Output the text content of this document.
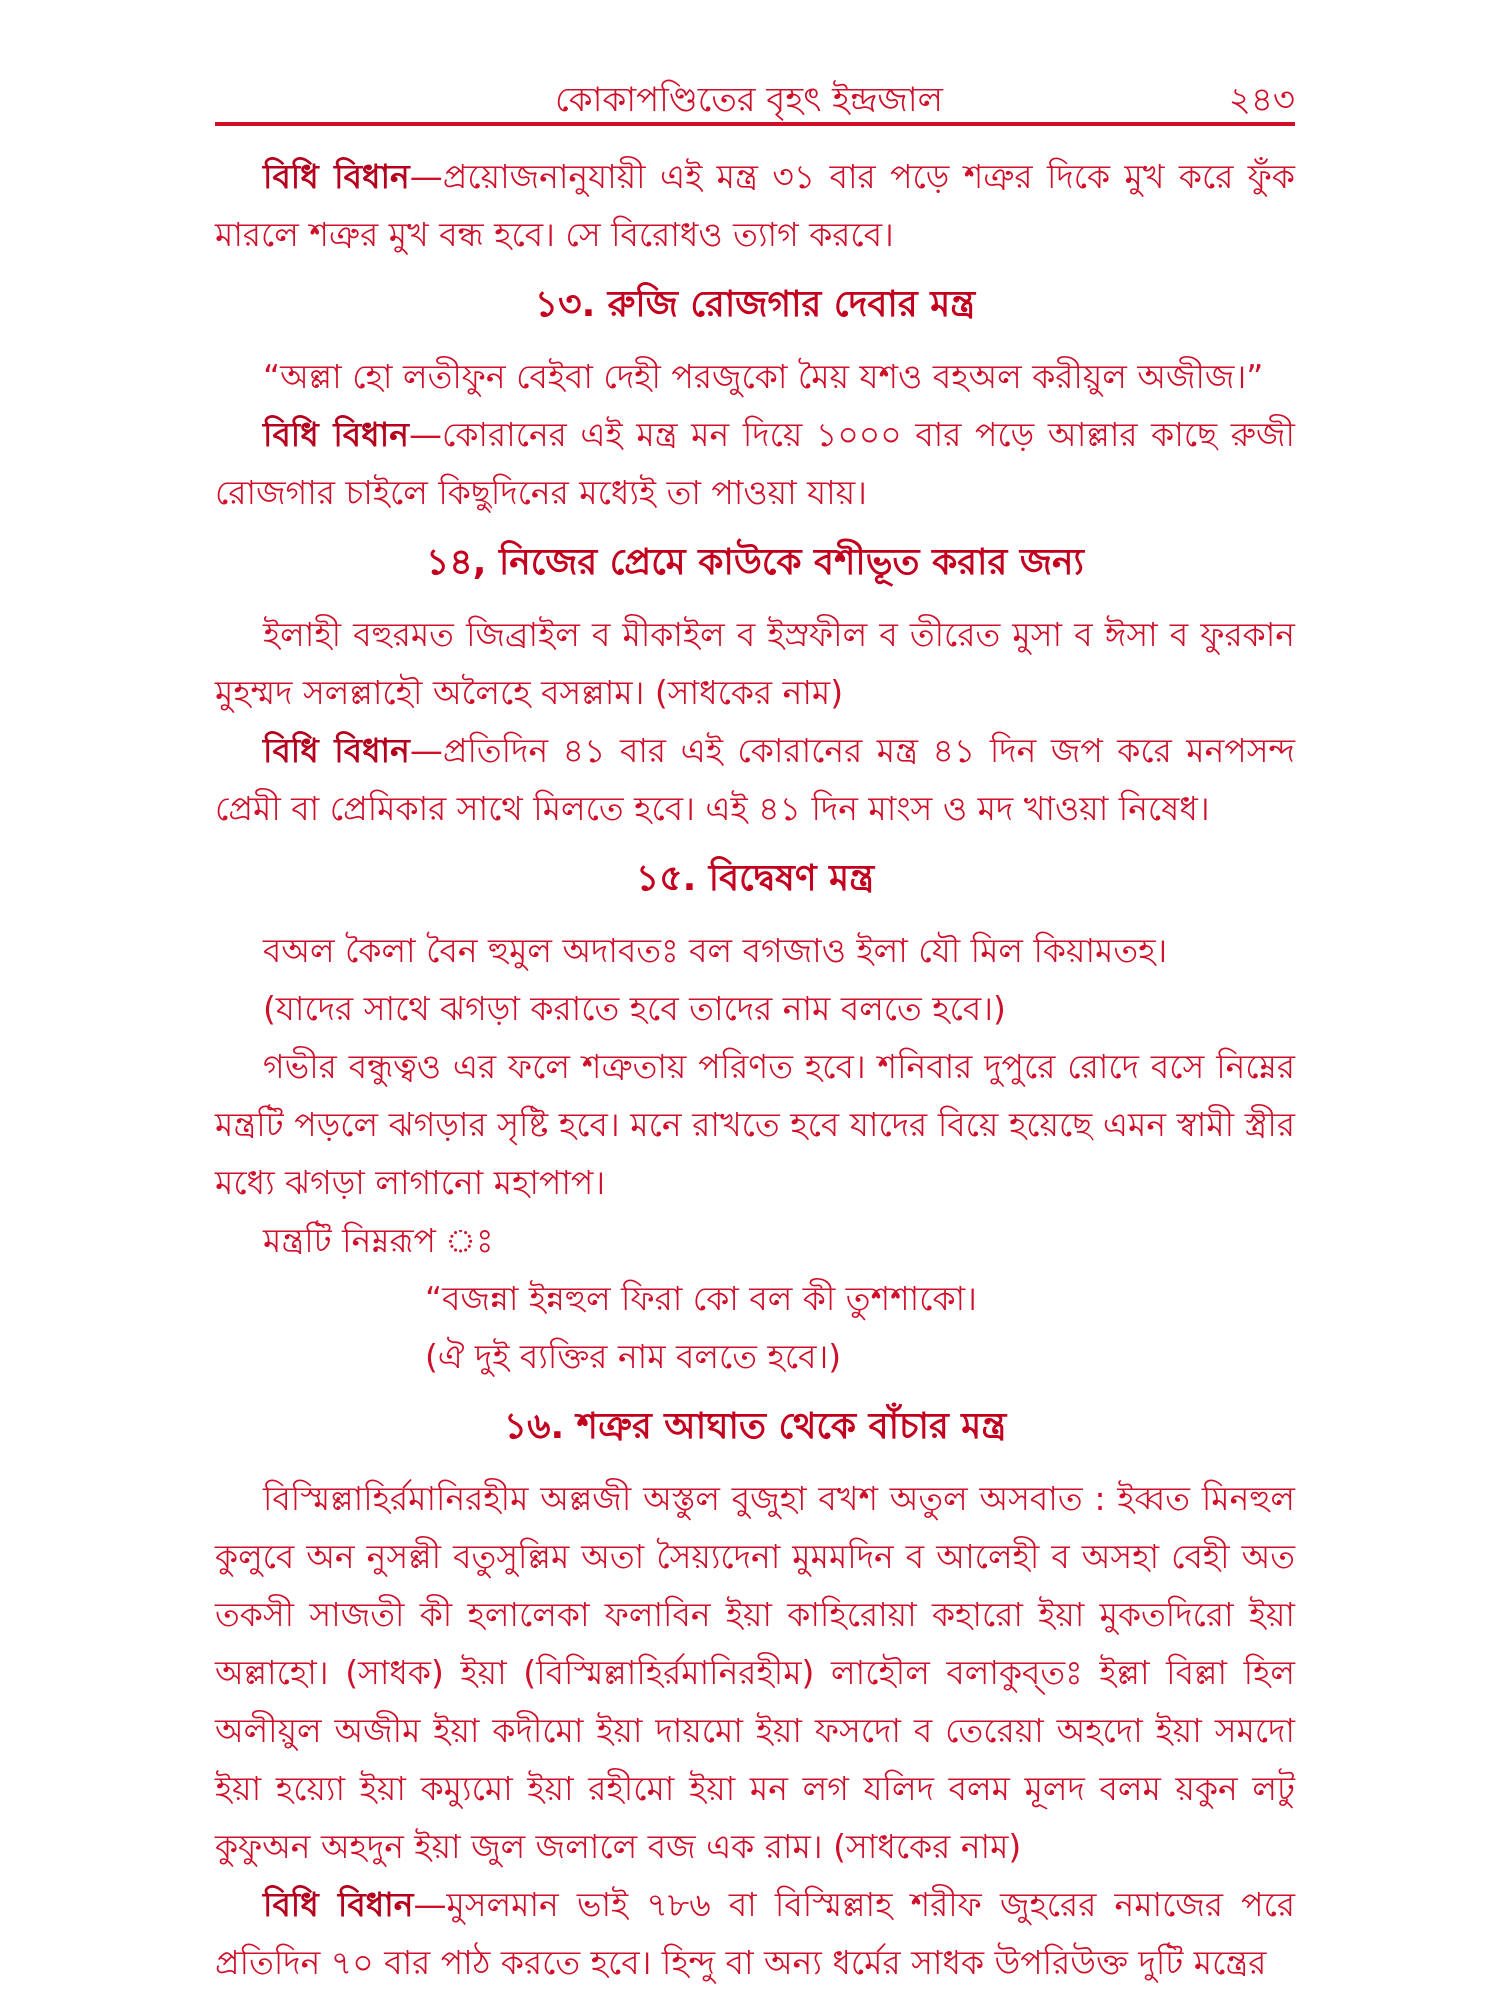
কোকাপণ্ডিতের বৃহৎ ইন্দ্রজাল	২৪৩

বিধি বিধান—প্রয়োজনানুযায়ী এই মন্ত্র ৩১ বার পড়ে শত্রুর দিকে মুখ করে ফুঁক মারলে শত্রুর মুখ বন্ধ হবে। সে বিরোধও ত্যাগ করবে।

১৩. রুজি রোজগার দেবার মন্ত্র

“অল্লা হো লতীফুন বেইবা দেহী পরজুকো মৈয় যশও বহঅল করীয়ুল অজীজ।”

বিধি বিধান—কোরানের এই মন্ত্র মন দিয়ে ১০০০ বার পড়ে আল্লার কাছে রুজী রোজগার চাইলে কিছুদিনের মধ্যেই তা পাওয়া যায়।

১৪, নিজের প্রেমে কাউকে বশীভূত করার জন্য

ইলাহী বহুরমত জিব্রাইল ব মীকাইল ব ইস্রফীল ব তীরেত মুসা ব ঈসা ব ফুরকান মুহম্মদ সলল্লাহৌ অলৈহে বসল্লাম। (সাধকের নাম)

বিধি বিধান—প্রতিদিন ৪১ বার এই কোরানের মন্ত্র ৪১ দিন জপ করে মনপসন্দ প্রেমী বা প্রেমিকার সাথে মিলতে হবে। এই ৪১ দিন মাংস ও মদ খাওয়া নিষেধ।

১৫. বিদ্বেষণ মন্ত্র

বঅল কৈলা বৈন হুমুল অদাবতঃ বল বগজাও ইলা যৌ মিল কিয়ামতহ।

(যাদের সাথে ঝগড়া করাতে হবে তাদের নাম বলতে হবে।)

গভীর বন্ধুত্বও এর ফলে শত্রুতায় পরিণত হবে। শনিবার দুপুরে রোদে বসে নিম্নের মন্ত্রটি পড়লে ঝগড়ার সৃষ্টি হবে। মনে রাখতে হবে যাদের বিয়ে হয়েছে এমন স্বামী স্ত্রীর মধ্যে ঝগড়া লাগানো মহাপাপ।

মন্ত্রটি নিম্নরূপ ঃ

“বজন্না ইন্নহুল ফিরা কো বল কী তুশশাকো।

(ঐ দুই ব্যক্তির নাম বলতে হবে।)

১৬. শত্রুর আঘাত থেকে বাঁচার মন্ত্র

বিস্মিল্লাহির্রমানিরহীম অল্লজী অস্তুল বুজুহা বখশ অতুল অসবাত : ইব্বত মিনহুল কুলুবে অন নুসল্লী বতুসুল্লিম অতা সৈয়্যদেনা মুমমদিন ব আলেহী ব অসহা বেহী অত তকসী সাজতী কী হলালেকা ফলাবিন ইয়া কাহিরোয়া কহারো ইয়া মুকতদিরো ইয়া অল্লাহো। (সাধক) ইয়া (বিস্মিল্লাহির্রমানিরহীম) লাহৌল বলাকুব্তঃ ইল্লা বিল্লা হিল অলীয়ুল অজীম ইয়া কদীমো ইয়া দায়মো ইয়া ফসদো ব তেরেয়া অহদো ইয়া সমদো ইয়া হয়্যো ইয়া কম্যুমো ইয়া রহীমো ইয়া মন লগ যলিদ বলম মূলদ বলম য়কুন লটু কুফুঅন অহদুন ইয়া জুল জলালে বজ এক রাম। (সাধকের নাম)

বিধি বিধান—মুসলমান ভাই ৭৮৬ বা বিস্মিল্লাহ শরীফ জুহরের নমাজের পরে প্রতিদিন ৭০ বার পাঠ করতে হবে। হিন্দু বা অন্য ধর্মের সাধক উপরিউক্ত দুটি মন্ত্রের
